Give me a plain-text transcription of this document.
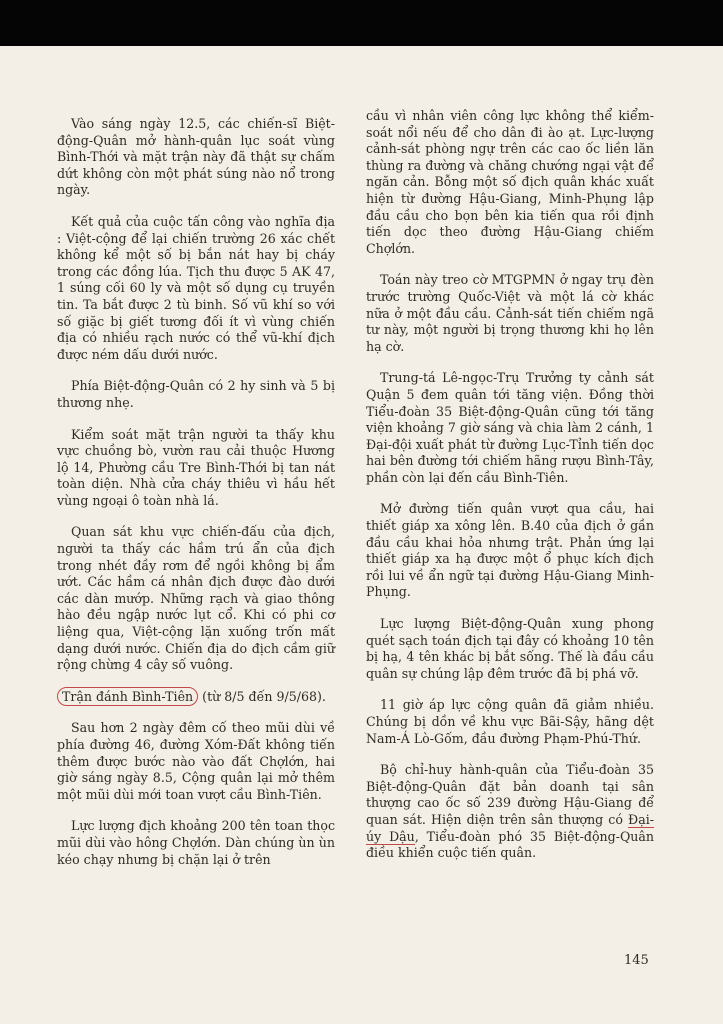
Vào sáng ngày 12.5, các chiến-sĩ Biệt-động-Quân mở hành-quân lục soát vùng Bình-Thới và mặt trận này đã thật sự chấm dứt không còn một phát súng nào nổ trong ngày.

Kết quả của cuộc tấn công vào nghĩa địa : Việt-cộng để lại chiến trường 26 xác chết không kể một số bị bắn nát hay bị cháy trong các đồng lúa. Tịch thu được 5 AK 47, 1 súng cối 60 ly và một số dụng cụ truyền tin. Ta bắt được 2 tù binh. Số vũ khí so với số giặc bị giết tương đối ít vì vùng chiến địa có nhiều rạch nước có thể vũ-khí địch được ném dấu dưới nước.

Phía Biệt-động-Quân có 2 hy sinh và 5 bị thương nhẹ.

Kiểm soát mặt trận người ta thấy khu vực chuồng bò, vườn rau cải thuộc Hương lộ 14, Phường cầu Tre Bình-Thới bị tan nát toàn diện. Nhà cửa cháy thiêu vì hầu hết vùng ngoại ô toàn nhà lá.

Quan sát khu vực chiến-đấu của địch, người ta thấy các hầm trú ẩn của địch trong nhét đầy rơm để ngồi không bị ẩm ướt. Các hầm cá nhân địch được đào dưới các dàn mướp. Những rạch và giao thông hào đều ngập nước lụt cổ. Khi có phi cơ liệng qua, Việt-cộng lặn xuống trốn mất dạng dưới nước. Chiến địa do địch cầm giữ rộng chừng 4 cây số vuông.

Trận đánh Bình-Tiên (từ 8/5 đến 9/5/68).

Sau hơn 2 ngày đêm cố theo mũi dùi về phía đường 46, đường Xóm-Đất không tiến thêm được bước nào vào đất Chợlớn, hai giờ sáng ngày 8.5, Cộng quân lại mở thêm một mũi dùi mới toan vượt cầu Bình-Tiên.

Lực lượng địch khoảng 200 tên toan thọc mũi dùi vào hông Chợlớn. Dàn chúng ùn ùn kéo chạy nhưng bị chặn lại ở trên

cầu vì nhân viên công lực không thể kiểm-soát nổi nếu để cho dân đi ào ạt. Lực-lượng cảnh-sát phòng ngự trên các cao ốc liền lăn thùng ra đường và chăng chướng ngại vật để ngăn cản. Bỗng một số địch quân khác xuất hiện từ đường Hậu-Giang, Minh-Phụng lập đầu cầu cho bọn bên kia tiến qua rồi định tiến dọc theo đường Hậu-Giang chiếm Chợlớn.

Toán này treo cờ MTGPMN ở ngay trụ đèn trước trường Quốc-Việt và một lá cờ khác nữa ở một đầu cầu. Cảnh-sát tiến chiếm ngã tư này, một người bị trọng thương khi họ lên hạ cờ.

Trung-tá Lê-ngọc-Trụ Trưởng ty cảnh sát Quận 5 đem quân tới tăng viện. Đồng thời Tiểu-đoàn 35 Biệt-động-Quân cũng tới tăng viện khoảng 7 giờ sáng và chia làm 2 cánh, 1 Đại-đội xuất phát từ đường Lục-Tỉnh tiến dọc hai bên đường tới chiếm hãng rượu Bình-Tây, phần còn lại đến cầu Bình-Tiên.

Mở đường tiến quân vượt qua cầu, hai thiết giáp xa xông lên. B.40 của địch ở gần đầu cầu khai hỏa nhưng trật. Phản ứng lại thiết giáp xa hạ được một ổ phục kích địch rồi lui về ẩn ngữ tại đường Hậu-Giang Minh-Phụng.

Lực lượng Biệt-động-Quân xung phong quét sạch toán địch tại đây có khoảng 10 tên bị hạ, 4 tên khác bị bắt sống. Thế là đầu cầu quân sự chúng lập đêm trước đã bị phá vỡ.

11 giờ áp lực cộng quân đã giảm nhiều. Chúng bị dồn về khu vực Bãi-Sậy, hãng dệt Nam-Á Lò-Gốm, đầu đường Phạm-Phú-Thứ.

Bộ chỉ-huy hành-quân của Tiểu-đoàn 35 Biệt-động-Quân đặt bản doanh tại sân thượng cao ốc số 239 đường Hậu-Giang để quan sát. Hiện diện trên sân thượng có Đại-úy Dậu, Tiểu-đoàn phó 35 Biệt-động-Quân điều khiển cuộc tiến quân.

145
